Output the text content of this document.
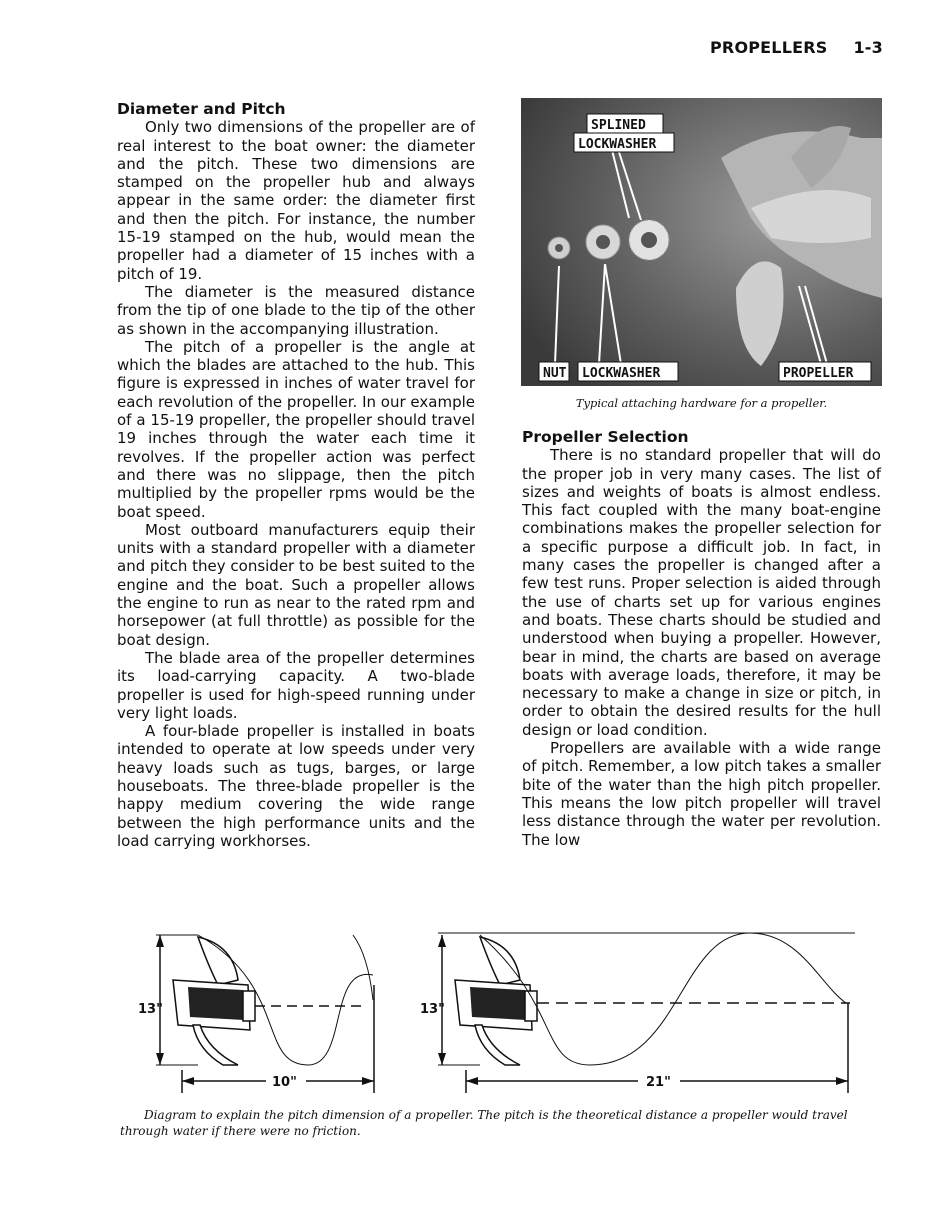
PROPELLERS 1-3
Diameter and Pitch

Only two dimensions of the propeller are of real interest to the boat owner: the diameter and the pitch. These two dimensions are stamped on the propeller hub and always appear in the same order: the diameter first and then the pitch. For instance, the number 15-19 stamped on the hub, would mean the propeller had a diameter of 15 inches with a pitch of 19.

The diameter is the measured distance from the tip of one blade to the tip of the other as shown in the accompanying illustration.

The pitch of a propeller is the angle at which the blades are attached to the hub. This figure is expressed in inches of water travel for each revolution of the propeller. In our example of a 15-19 propeller, the propeller should travel 19 inches through the water each time it revolves. If the propeller action was perfect and there was no slippage, then the pitch multiplied by the propeller rpms would be the boat speed.

Most outboard manufacturers equip their units with a standard propeller with a diameter and pitch they consider to be best suited to the engine and the boat. Such a propeller allows the engine to run as near to the rated rpm and horsepower (at full throttle) as possible for the boat design.

The blade area of the propeller determines its load-carrying capacity. A two-blade propeller is used for high-speed running under very light loads.

A four-blade propeller is installed in boats intended to operate at low speeds under very heavy loads such as tugs, barges, or large houseboats. The three-blade propeller is the happy medium covering the wide range between the high performance units and the load carrying workhorses.

SPLINED
LOCKWASHER
NUT LOCKWASHER	PROPELLER
Typical attaching hardware for a propeller.
Propeller Selection

There is no standard propeller that will do the proper job in very many cases. The list of sizes and weights of boats is almost endless. This fact coupled with the many boat-engine combinations makes the propeller selection for a specific purpose a difficult job. In fact, in many cases the propeller is changed after a few test runs. Proper selection is aided through the use of charts set up for various engines and boats. These charts should be studied and understood when buying a propeller. However, bear in mind, the charts are based on average boats with average loads, therefore, it may be necessary to make a change in size or pitch, in order to obtain the desired results for the hull design or load condition.

Propellers are available with a wide range of pitch. Remember, a low pitch takes a smaller bite of the water than the high pitch propeller. This means the low pitch propeller will travel less distance through the water per revolution. The low

13"
10"
13"
21"
Diagram to explain the pitch dimension of a propeller. The pitch is the theoretical distance a propeller would travel
through water if there were no friction.
